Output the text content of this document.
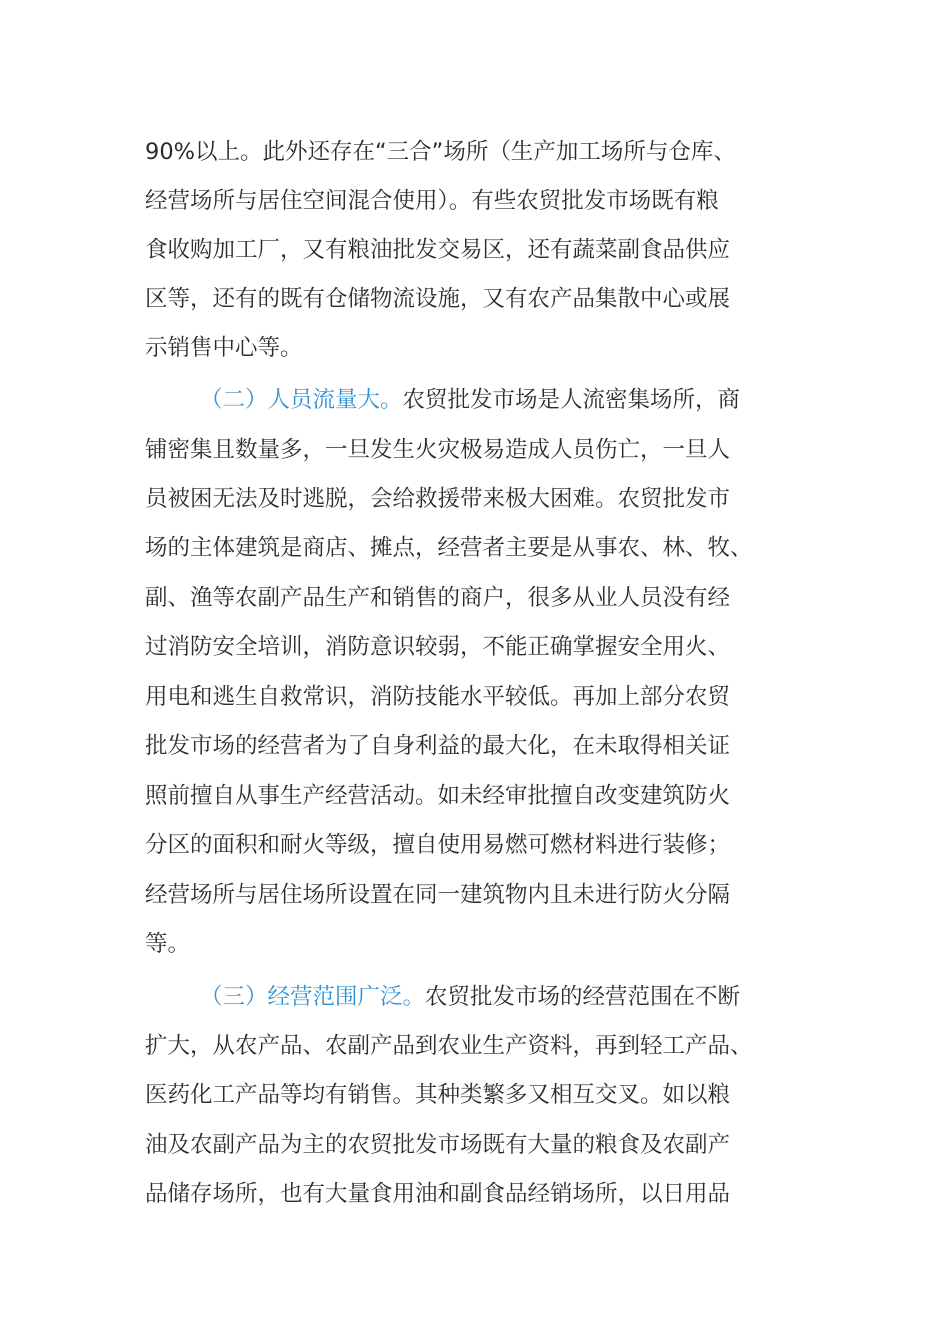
90%以上。此外还存在“三合”场所（生产加工场所与仓库、
经营场所与居住空间混合使用）。有些农贸批发市场既有粮
食收购加工厂，又有粮油批发交易区，还有蔬菜副食品供应
区等，还有的既有仓储物流设施，又有农产品集散中心或展
示销售中心等。
（二）人员流量大。农贸批发市场是人流密集场所，商
铺密集且数量多，一旦发生火灾极易造成人员伤亡，一旦人
员被困无法及时逃脱，会给救援带来极大困难。农贸批发市
场的主体建筑是商店、摊点，经营者主要是从事农、林、牧、
副、渔等农副产品生产和销售的商户，很多从业人员没有经
过消防安全培训，消防意识较弱，不能正确掌握安全用火、
用电和逃生自救常识，消防技能水平较低。再加上部分农贸
批发市场的经营者为了自身利益的最大化，在未取得相关证
照前擅自从事生产经营活动。如未经审批擅自改变建筑防火
分区的面积和耐火等级，擅自使用易燃可燃材料进行装修；
经营场所与居住场所设置在同一建筑物内且未进行防火分隔
等。
（三）经营范围广泛。农贸批发市场的经营范围在不断
扩大，从农产品、农副产品到农业生产资料，再到轻工产品、
医药化工产品等均有销售。其种类繁多又相互交叉。如以粮
油及农副产品为主的农贸批发市场既有大量的粮食及农副产
品储存场所，也有大量食用油和副食品经销场所，以日用品
